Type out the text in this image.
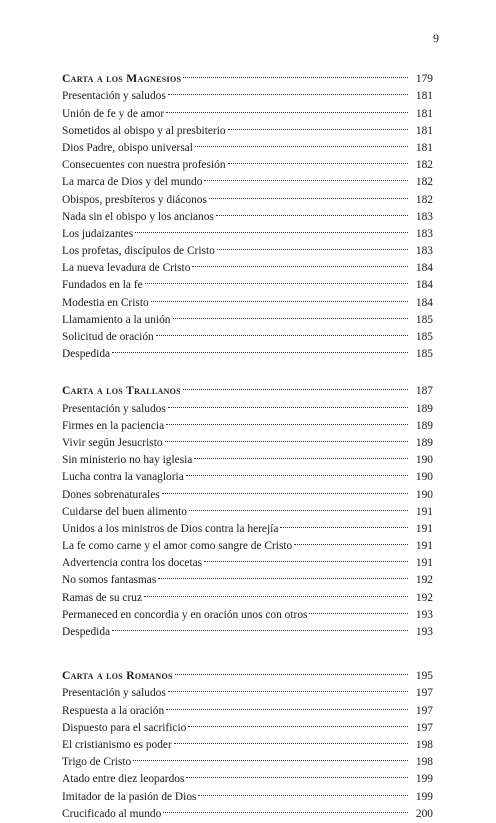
9
Carta a los Magnesios	179
Presentación y saludos	181
Unión de fe y de amor	181
Sometidos al obispo y al presbiterio	181
Dios Padre, obispo universal	181
Consecuentes con nuestra profesión	182
La marca de Dios y del mundo	182
Obispos, presbíteros y diáconos	182
Nada sin el obispo y los ancianos	183
Los judaizantes	183
Los profetas, discípulos de Cristo	183
La nueva levadura de Cristo	184
Fundados en la fe	184
Modestia en Cristo	184
Llamamiento a la unión	185
Solicitud de oración	185
Despedida	185
Carta a los Trallanos	187
Presentación y saludos	189
Firmes en la paciencia	189
Vivir según Jesucristo	189
Sin ministerio no hay iglesia	190
Lucha contra la vanagloria	190
Dones sobrenaturales	190
Cuidarse del buen alimento	191
Unidos a los ministros de Dios contra la herejía	191
La fe como carne y el amor como sangre de Cristo	191
Advertencia contra los docetas	191
No somos fantasmas	192
Ramas de su cruz	192
Permaneced en concordia y en oración unos con otros	193
Despedida	193
Carta a los Romanos	195
Presentación y saludos	197
Respuesta a la oración	197
Dispuesto para el sacrificio	197
El cristianismo es poder	198
Trigo de Cristo	198
Atado entre diez leopardos	199
Imitador de la pasión de Dios	199
Crucificado al mundo	200
